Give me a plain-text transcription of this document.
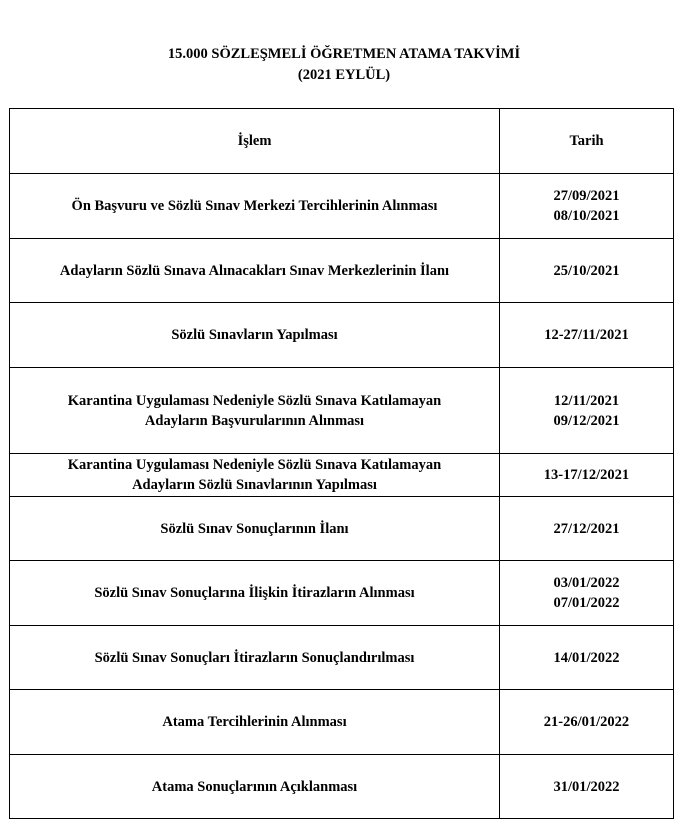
15.000 SÖZLEŞMELİ ÖĞRETMEN ATAMA TAKVİMİ
(2021 EYLÜL)
İşlem	Tarih

Ön Başvuru ve Sözlü Sınav Merkezi Tercihlerinin Alınması	27/09/2021
08/10/2021

Adayların Sözlü Sınava Alınacakları Sınav Merkezlerinin İlanı	25/10/2021

Sözlü Sınavların Yapılması	12-27/11/2021

Karantina Uygulaması Nedeniyle Sözlü Sınava Katılamayan
Adayların Başvurularının Alınması	12/11/2021
09/12/2021

Karantina Uygulaması Nedeniyle Sözlü Sınava Katılamayan
Adayların Sözlü Sınavlarının Yapılması	13-17/12/2021

Sözlü Sınav Sonuçlarının İlanı	27/12/2021

Sözlü Sınav Sonuçlarına İlişkin İtirazların Alınması	03/01/2022
07/01/2022

Sözlü Sınav Sonuçları İtirazların Sonuçlandırılması	14/01/2022

Atama Tercihlerinin Alınması	21-26/01/2022

Atama Sonuçlarının Açıklanması	31/01/2022
